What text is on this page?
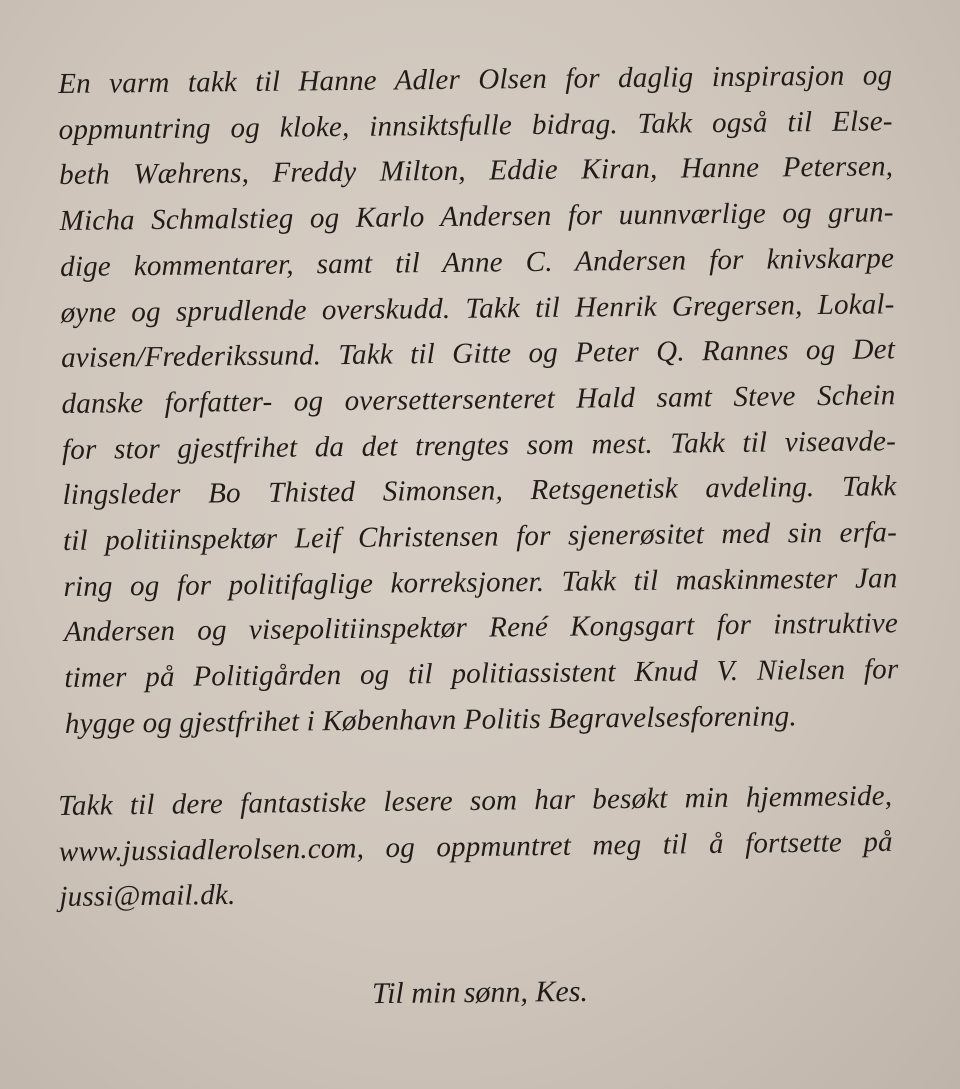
En varm takk til Hanne Adler Olsen for daglig inspirasjon og
oppmuntring og kloke, innsiktsfulle bidrag. Takk også til Else-
beth Wæhrens, Freddy Milton, Eddie Kiran, Hanne Petersen,
Micha Schmalstieg og Karlo Andersen for uunnværlige og grun-
dige kommentarer, samt til Anne C. Andersen for knivskarpe
øyne og sprudlende overskudd. Takk til Henrik Gregersen, Lokal-
avisen/Frederikssund. Takk til Gitte og Peter Q. Rannes og Det
danske forfatter- og oversettersenteret Hald samt Steve Schein
for stor gjestfrihet da det trengtes som mest. Takk til viseavde-
lingsleder Bo Thisted Simonsen, Retsgenetisk avdeling. Takk
til politiinspektør Leif Christensen for sjenerøsitet med sin erfa-
ring og for politifaglige korreksjoner. Takk til maskinmester Jan
Andersen og visepolitiinspektør René Kongsgart for instruktive
timer på Politigården og til politiassistent Knud V. Nielsen for
hygge og gjestfrihet i København Politis Begravelsesforening.
Takk til dere fantastiske lesere som har besøkt min hjemmeside,
www.jussiadlerolsen.com, og oppmuntret meg til å fortsette på
jussi@mail.dk.
Til min sønn, Kes.
